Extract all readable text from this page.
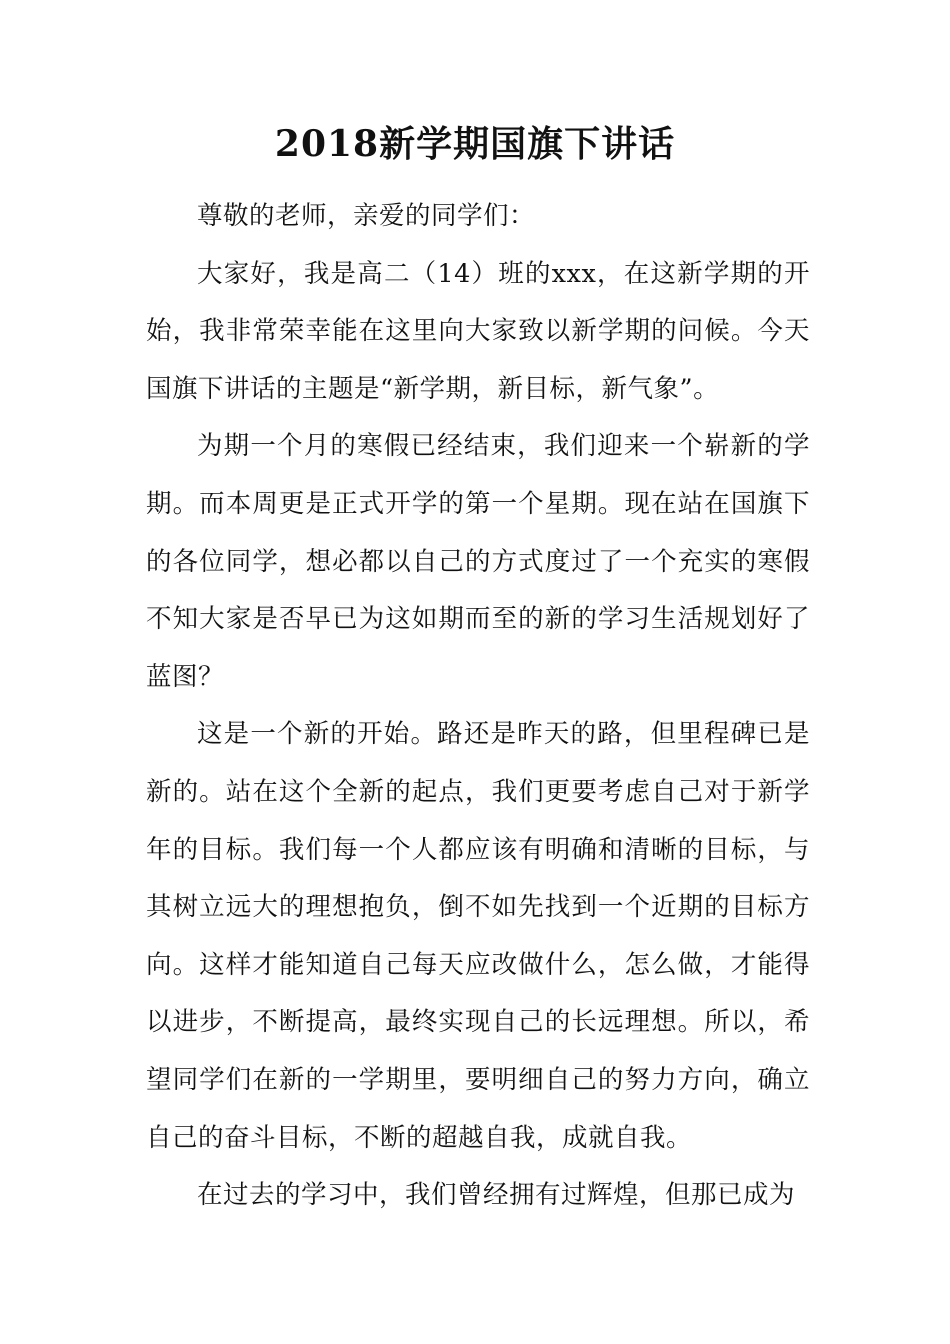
2018新学期国旗下讲话

尊敬的老师，亲爱的同学们：

大家好，我是高二（14）班的xxx，在这新学期的开始，我非常荣幸能在这里向大家致以新学期的问候。今天国旗下讲话的主题是“新学期，新目标，新气象”。

为期一个月的寒假已经结束，我们迎来一个崭新的学期。而本周更是正式开学的第一个星期。现在站在国旗下的各位同学，想必都以自己的方式度过了一个充实的寒假不知大家是否早已为这如期而至的新的学习生活规划好了蓝图？

这是一个新的开始。路还是昨天的路，但里程碑已是新的。站在这个全新的起点，我们更要考虑自己对于新学年的目标。我们每一个人都应该有明确和清晰的目标，与其树立远大的理想抱负，倒不如先找到一个近期的目标方向。这样才能知道自己每天应改做什么，怎么做，才能得以进步，不断提高，最终实现自己的长远理想。所以，希望同学们在新的一学期里，要明细自己的努力方向，确立自己的奋斗目标，不断的超越自我，成就自我。

在过去的学习中，我们曾经拥有过辉煌，但那已成为
